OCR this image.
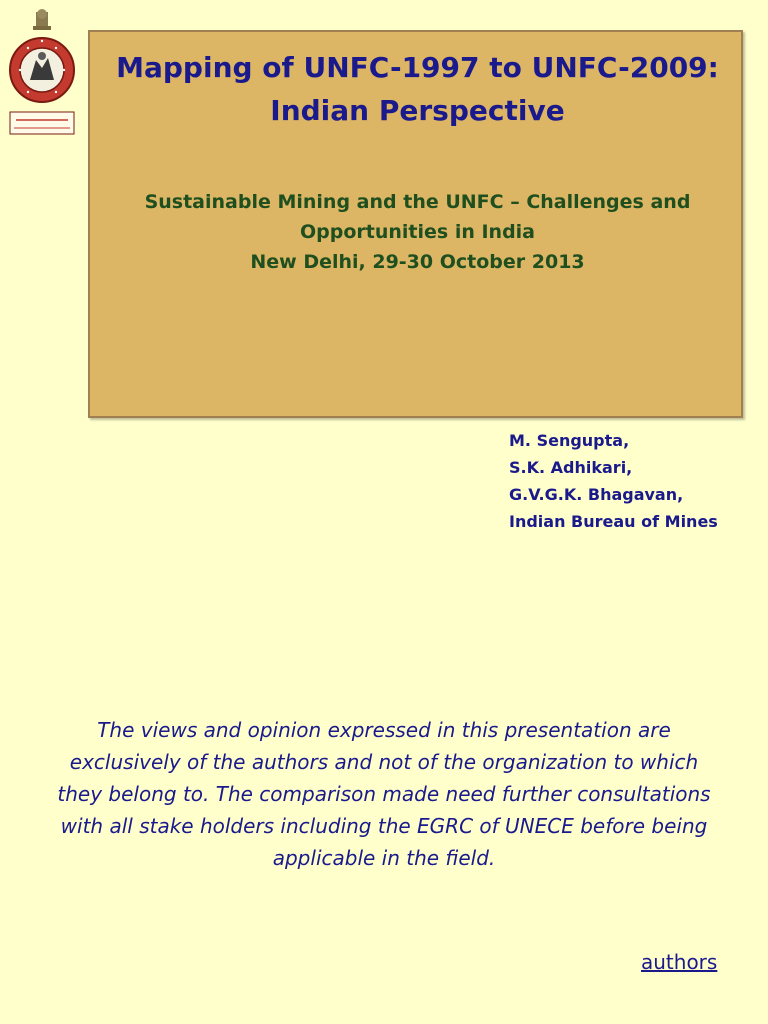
Mapping of UNFC-1997 to UNFC-2009:
Indian Perspective
Sustainable Mining and the UNFC – Challenges and
Opportunities in India
New Delhi, 29-30 October 2013
M. Sengupta,
S.K. Adhikari,
G.V.G.K. Bhagavan,
Indian Bureau of Mines
The views and opinion expressed in this presentation are
exclusively of the authors and not of the organization to which
they belong to. The comparison made need further consultations
with all stake holders including the EGRC of UNECE before being
applicable in the field.
authors
